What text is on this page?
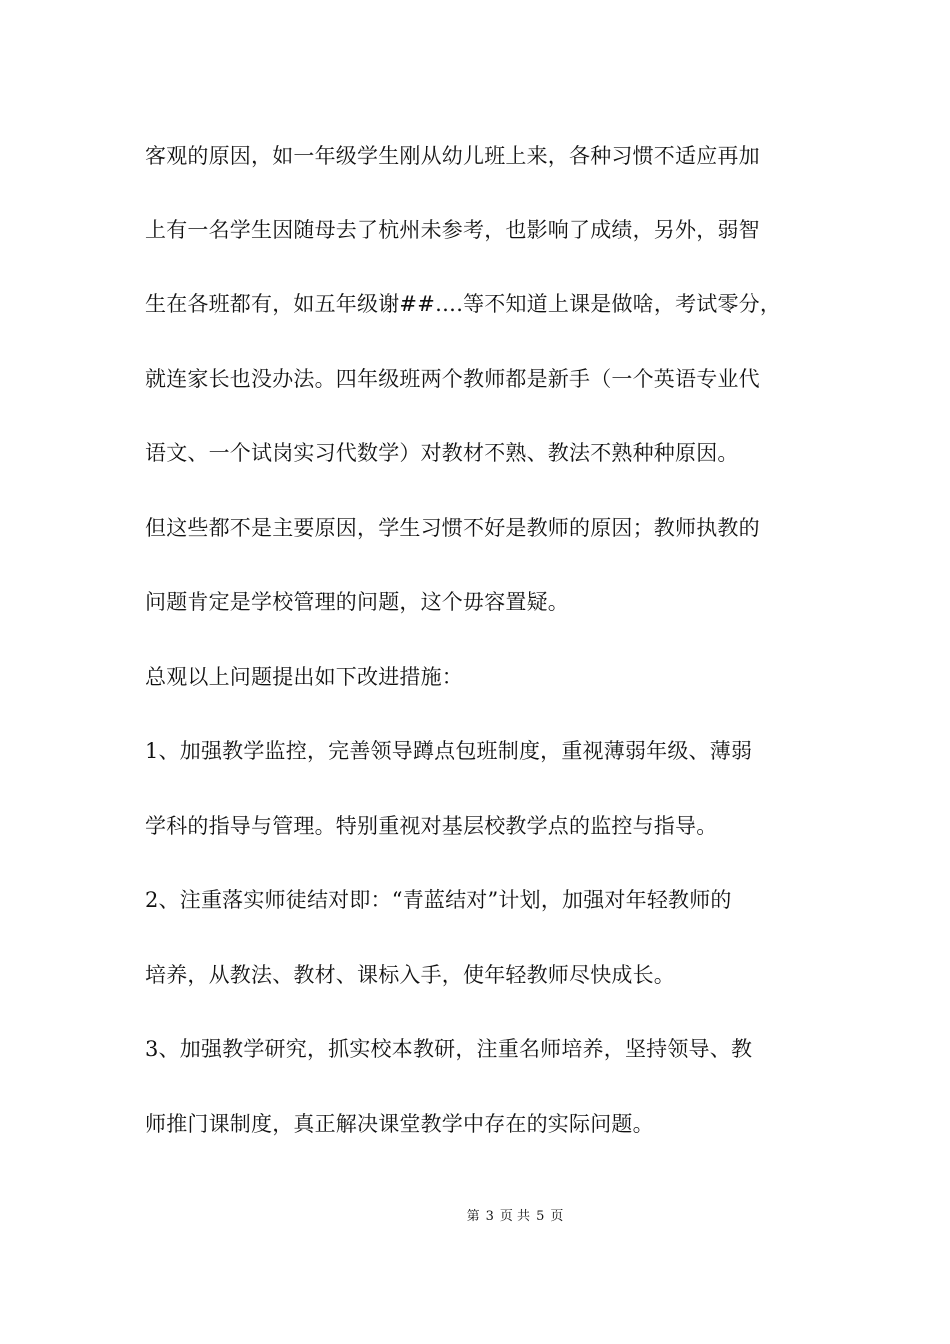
客观的原因，如一年级学生刚从幼儿班上来，各种习惯不适应再加
上有一名学生因随母去了杭州未参考，也影响了成绩，另外，弱智
生在各班都有，如五年级谢##….等不知道上课是做啥，考试零分，
就连家长也没办法。四年级班两个教师都是新手（一个英语专业代
语文、一个试岗实习代数学）对教材不熟、教法不熟种种原因。
但这些都不是主要原因，学生习惯不好是教师的原因；教师执教的
问题肯定是学校管理的问题，这个毋容置疑。
总观以上问题提出如下改进措施：
1、加强教学监控，完善领导蹲点包班制度，重视薄弱年级、薄弱
学科的指导与管理。特别重视对基层校教学点的监控与指导。
2、注重落实师徒结对即：“青蓝结对”计划，加强对年轻教师的
培养，从教法、教材、课标入手，使年轻教师尽快成长。
3、加强教学研究，抓实校本教研，注重名师培养，坚持领导、教
师推门课制度，真正解决课堂教学中存在的实际问题。
第 3 页 共 5 页
